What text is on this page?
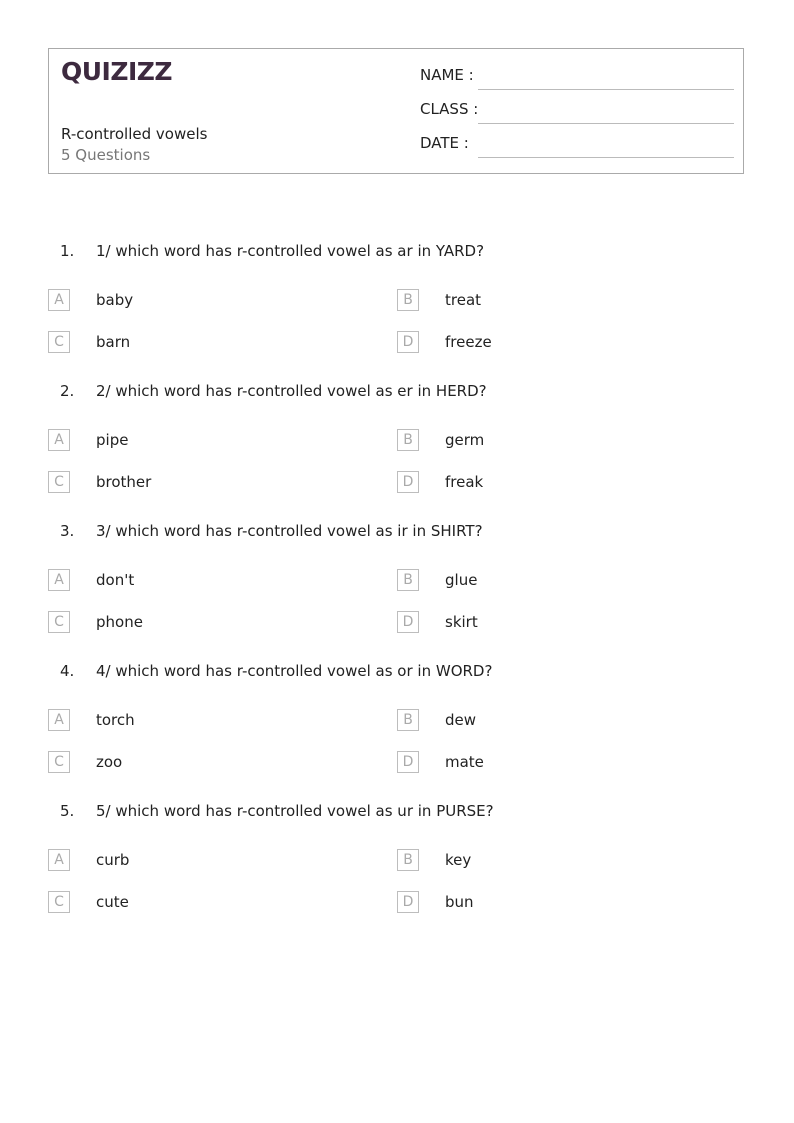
QUIZIZZ
R-controlled vowels
5 Questions
NAME :
CLASS :
DATE :
1. 1/ which word has r-controlled vowel as ar in YARD?
A	baby	B	treat
C	barn	D	freeze
2. 2/ which word has r-controlled vowel as er in HERD?
A	pipe	B	germ
C	brother	D	freak
3. 3/ which word has r-controlled vowel as ir in SHIRT?
A	don't	B	glue
C	phone	D	skirt
4. 4/ which word has r-controlled vowel as or in WORD?
A	torch	B	dew
C	zoo	D	mate
5. 5/ which word has r-controlled vowel as ur in PURSE?
A	curb	B	key
C	cute	D	bun
